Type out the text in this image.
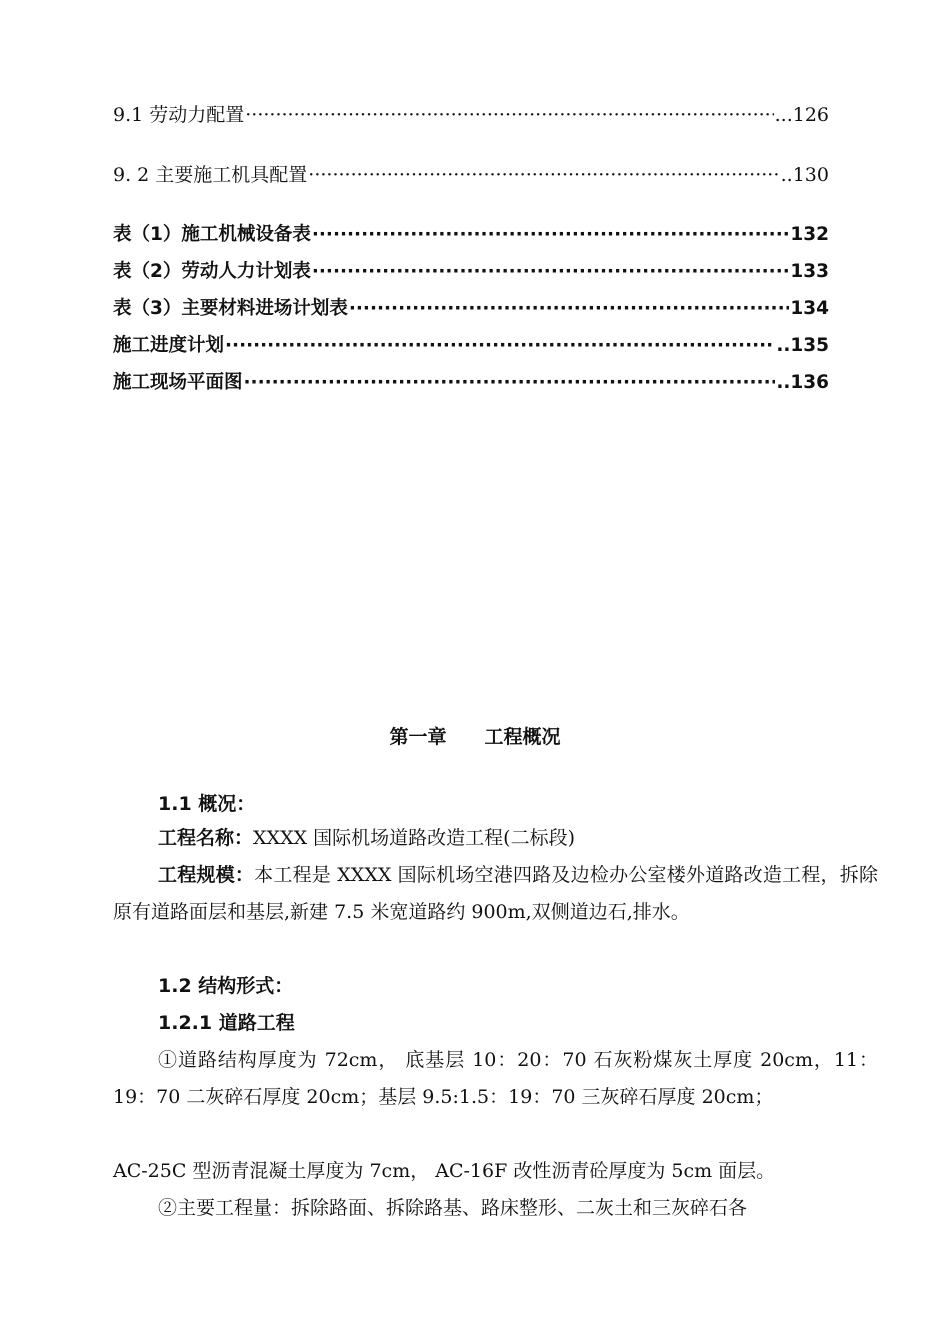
9.1 劳动力配置 ·····	...126
9. 2 主要施工机具配置 ·····	..130
表（1）施工机械设备表 ·····	132
表（2）劳动人力计划表 ·····	133
表（3）主要材料进场计划表 ·····	134
施工进度计划 ·····	..135
施工现场平面图 ·····	..136
第一章 工程概况
1.1 概况：
工程名称：XXXX 国际机场道路改造工程(二标段)
工程规模：本工程是 XXXX 国际机场空港四路及边检办公室楼外道路改造工程，拆除原有道路面层和基层,新建 7.5 米宽道路约 900m,双侧道边石,排水。
1.2 结构形式：
1.2.1 道路工程
①道路结构厚度为 72cm， 底基层 10：20：70 石灰粉煤灰土厚度 20cm，11：19：70 二灰碎石厚度 20cm；基层 9.5:1.5：19：70 三灰碎石厚度 20cm；
AC-25C 型沥青混凝土厚度为 7cm， AC-16F 改性沥青砼厚度为 5cm 面层。
②主要工程量：拆除路面、拆除路基、路床整形、二灰土和三灰碎石各
